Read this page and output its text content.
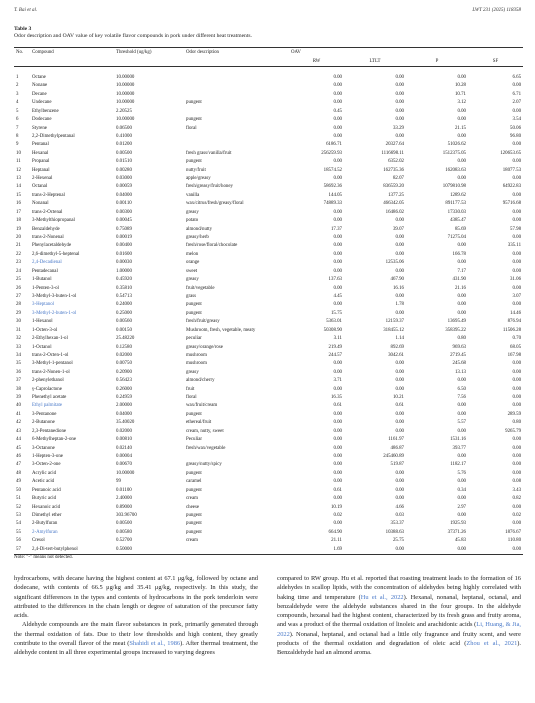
T. Bai et al.	LWT 231 (2025) 118358
Table 3
Odor description and OAV value of key volatile flavor compounds in pork under different heat treatments.
No.	Compound	Threshold (ug/kg)	Odor description	OAV			
				RW	LTLT	P	SF
1	Octane	10.00000		0.00	0.00	0.00	6.65
2	Nonane	10.00000		0.00	0.00	10.28	0.00
3	Decane	10.00000		0.00	0.00	10.71	6.71
4	Undecane	10.00000	pungent	0.00	0.00	3.12	2.07
5	Ethylbenzene	2.20525		0.45	0.00	0.00	0.00
6	Dodecane	10.00000	pungent	0.00	0.00	0.00	3.54
7	Styrene	0.06500	floral	0.00	33.29	21.15	50.06
8	2,2-Dimethylpentanal	0.41000		0.00	0.00	0.00	96.80
9	Pentanal	0.01200		6186.71	20327.64	51026.62	0.00
10	Hexanal	0.00500	fresh grass/vanilla/fruit	256259.93	1116698.11	1512375.05	120653.65
11	Propanal	0.01510	pungent	0.00	6352.02	0.00	0.00
12	Heptanal	0.00280	nutty/fruit	18574.52	162735.36	162083.63	18077.53
13	2-Hexenal	0.03000	apple/greasy	0.00	82.07	0.00	0.00
14	Octanal	0.00059	fresh/greasy/fruit/honey	58692.36	836559.20	1079810.98	64922.83
15	trans-2-Heptenal	0.04000	vanilla	144.05	1377.25	1289.62	0.00
16	Nonanal	0.00110	wax/citrus/fresh/greasy/floral	74889.33	466342.05	891177.53	95716.68
17	trans-2-Octenal	0.00300	greasy	0.00	16486.02	17330.03	0.00
18	3-Methylthiopropanal	0.00045	potato	0.00	0.00	4385.47	0.00
19	Benzaldehyde	0.75089	almond/nutty	17.37	39.07	85.69	57.98
20	trans-2-Nonenal	0.00019	greasy/herb	0.00	0.00	71275.04	0.00
21	Phenylacetaldehyde	0.00400	fresh/rose/floral/chocolate	0.00	0.00	0.00	335.11
22	2,6-dimethyl-5-heptenal	0.01600	melon	0.00	0.00	166.78	0.00
23	2,4-Decadienal	0.00030	orange	0.00	12535.06	0.00	0.00
24	Pentadecanal	1.00000	sweet	0.00	0.00	7.17	0.00
25	1-Butanol	0.45920	greasy	137.63	467.90	431.90	31.06
26	1-Penten-3-ol	0.35810	fruit/vegetable	0.00	16.16	21.16	0.00
27	3-Methyl-3-buten-1-ol	0.54713	grass	4.45	0.00	0.00	3.07
28	3-Heptanol	0.24000	pungent	0.00	1.78	0.00	0.00
29	3-Methyl-2-buten-1-ol	0.25000	pungent	15.75	0.00	0.00	14.46
30	1-Hexanol	0.00560	fresh/fruit/greasy	5363.01	12159.37	13695.49	876.94
31	1-Octen-3-ol	0.00150	Mushroom, fresh, vegetable, meaty	50308.90	318455.12	358395.22	11506.28
32	2-Ethylhexan-1-ol	25.48220	peculiar	3.11	1.14	0.80	0.70
33	1-Octanol	0.12580	greasy/orange/rose	219.49	892.69	969.63	68.05
34	trans-2-Octen-1-ol	0.02000	mushroom	244.57	3042.61	2719.45	167.98
35	3-Methyl-1-pentanol	0.00750	mushroom	0.00	0.00	245.68	0.00
36	trans-2-Nonen-1-ol	0.20900	greasy	0.00	0.00	13.13	0.00
37	2-phenylethanol	0.56423	almond/cherry	3.71	0.00	0.00	0.00
38	γ-Caprolactone	0.26000	fruit	0.00	0.00	6.50	0.00
39	Phenethyl acetate	0.24959	floral	16.35	10.21	7.56	0.00
40	Ethyl palmitate	2.00000	wax/fruit/cream	0.61	0.61	0.00	0.00
41	3-Pentanone	0.04000	pungent	0.00	0.00	0.00	289.59
42	2-Butanone	35.40020	ethereal/fruit	0.00	0.00	5.57	0.80
43	2,3-Pentanedione	0.02000	cream, nutty, sweet	0.00	0.00	0.00	9265.79
44	6-Methylheptan-2-one	0.00810	Peculiar	0.00	1161.97	1531.16	0.00
45	3-Octanone	0.02140	fresh/wax/vegetable	0.00	486.87	393.77	0.00
46	1-Hepten-3-one	0.00004		0.00	245460.89	0.00	0.00
47	3-Octen-2-one	0.00670	greasy/nutty/spicy	0.00	519.87	1182.17	0.00
48	Acrylic acid	10.00000	pungent	0.00	0.00	5.76	0.00
49	Acetic acid	99	caramel	0.00	0.00	0.00	0.08
50	Pentanoic acid	0.01100	pungent	0.61	0.00	0.34	3.43
51	Butyric acid	2.40000	cream	0.00	0.00	0.00	0.82
52	Hexanoic acid	0.89000	cheese	10.19	4.66	2.97	0.00
53	Dimethyl ether	303.96700	pungent	0.02	0.03	0.00	0.02
54	2-Butylfuran	0.00500	pungent	0.00	353.37	1925.93	0.00
55	2-Amylfuran	0.00580	pungent	664.90	10388.63	37371.26	1876.67
56	Cresol	0.52700	cream	21.11	25.75	45.83	110.80
57	2,4-Di-tert-butylphenol	0.50000		1.69	0.00	0.00	0.00
Note: "-" means not detected.

hydrocarbons, with decane having the highest content at 67.1 μg/kg, followed by octane and dodecane, with contents of 66.5 μg/kg and 35.41 μg/kg, respectively. In this study, the significant differences in the types and contents of hydrocarbons in the pork tenderloin were attributed to the differences in the chain length or degree of saturation of the precursor fatty acids.

Aldehyde compounds are the main flavor substances in pork, primarily generated through the thermal oxidation of fats. Due to their low thresholds and high content, they greatly contribute to the overall flavor of the meat (Shahidi et al., 1986). After thermal treatment, the aldehyde content in all three experimental groups increased to varying degrees

compared to RW group. Hu et al. reported that roasting treatment leads to the formation of 16 aldehydes in scallop lipids, with the concentration of aldehydes being highly correlated with baking time and temperature (Hu et al., 2022). Hexanal, nonanal, heptanal, octanal, and benzaldehyde were the aldehyde substances shared in the four groups. In the aldehyde compounds, hexanal had the highest content, characterized by its fresh grass and fruity aroma, and was a product of the thermal oxidation of linoleic and arachidonic acids (Li, Huang, & Jia, 2022). Nonanal, heptanal, and octanal had a little oily fragrance and fruity scent, and were products of the thermal oxidation and degradation of oleic acid (Zhou et al., 2021). Benzaldehyde had an almond aroma.
